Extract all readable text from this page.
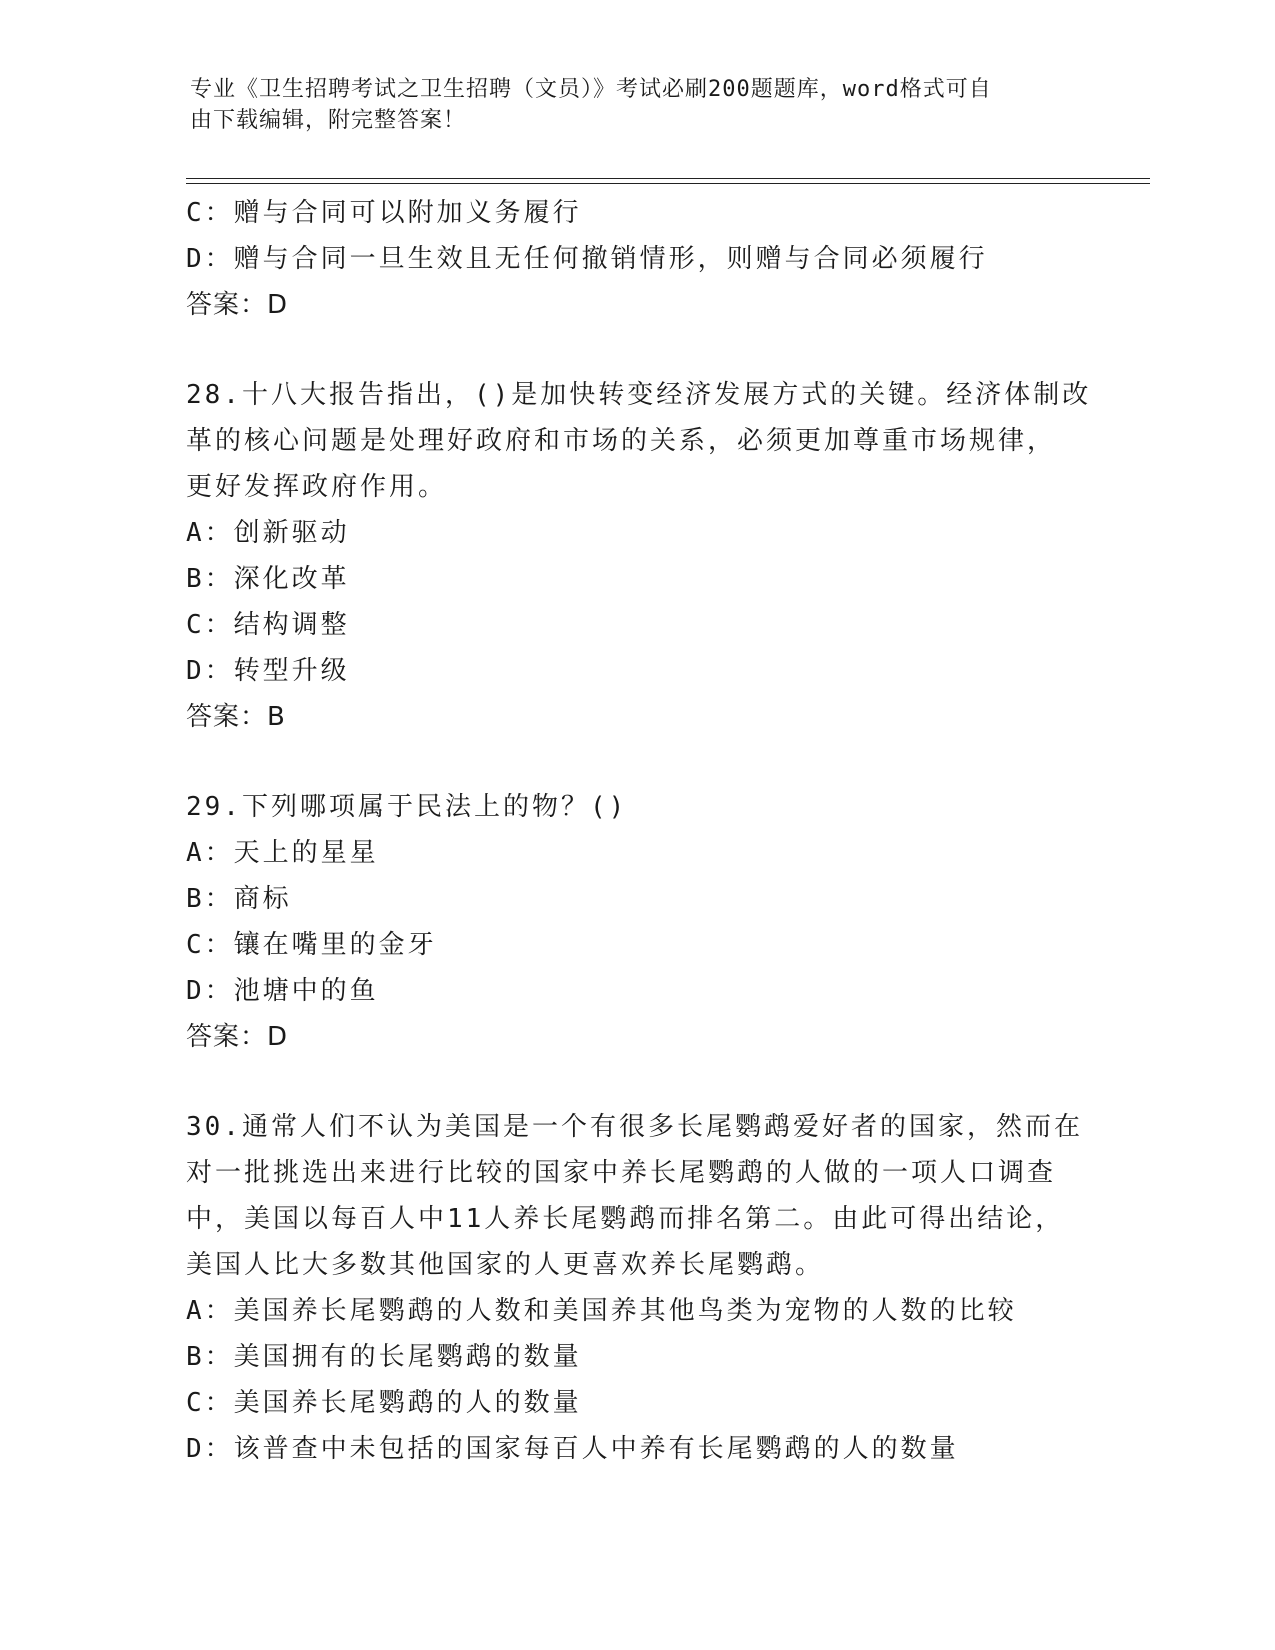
专业《卫生招聘考试之卫生招聘（文员）》考试必刷200题题库，word格式可自
由下载编辑，附完整答案！
C：赠与合同可以附加义务履行
D：赠与合同一旦生效且无任何撤销情形，则赠与合同必须履行
答案：D
28.十八大报告指出，()是加快转变经济发展方式的关键。经济体制改
革的核心问题是处理好政府和市场的关系，必须更加尊重市场规律，
更好发挥政府作用。
A：创新驱动
B：深化改革
C：结构调整
D：转型升级
答案：B
29.下列哪项属于民法上的物？()
A：天上的星星
B：商标
C：镶在嘴里的金牙
D：池塘中的鱼
答案：D
30.通常人们不认为美国是一个有很多长尾鹦鹉爱好者的国家，然而在
对一批挑选出来进行比较的国家中养长尾鹦鹉的人做的一项人口调查
中，美国以每百人中11人养长尾鹦鹉而排名第二。由此可得出结论，
美国人比大多数其他国家的人更喜欢养长尾鹦鹉。
A：美国养长尾鹦鹉的人数和美国养其他鸟类为宠物的人数的比较
B：美国拥有的长尾鹦鹉的数量
C：美国养长尾鹦鹉的人的数量
D：该普查中未包括的国家每百人中养有长尾鹦鹉的人的数量
